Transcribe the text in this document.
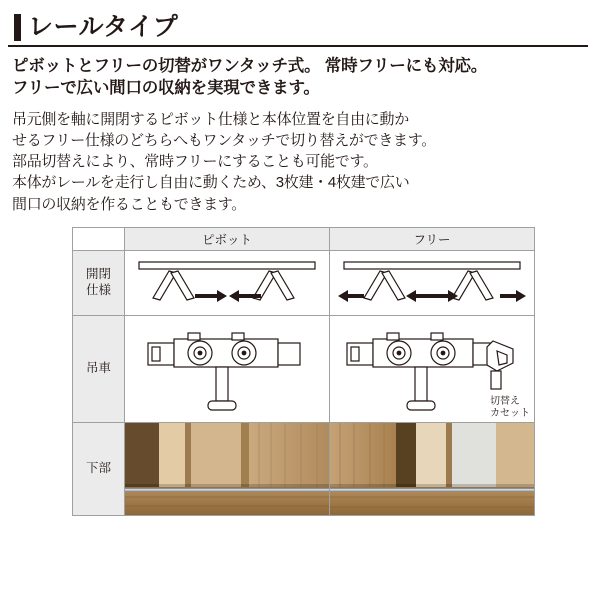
レールタイプ
ピボットとフリーの切替がワンタッチ式。 常時フリーにも対応。
フリーで広い間口の収納を実現できます。
吊元側を軸に開閉するピボット仕様と本体位置を自由に動か
せるフリー仕様のどちらへもワンタッチで切り替えができます。
部品切替えにより、常時フリーにすることも可能です。
本体がレールを走行し自由に動くため、3枚建・4枚建で広い
間口の収納を作ることもできます。
	ピボット	フリー

開閉
仕様

吊車		切替え
カセット

下部
